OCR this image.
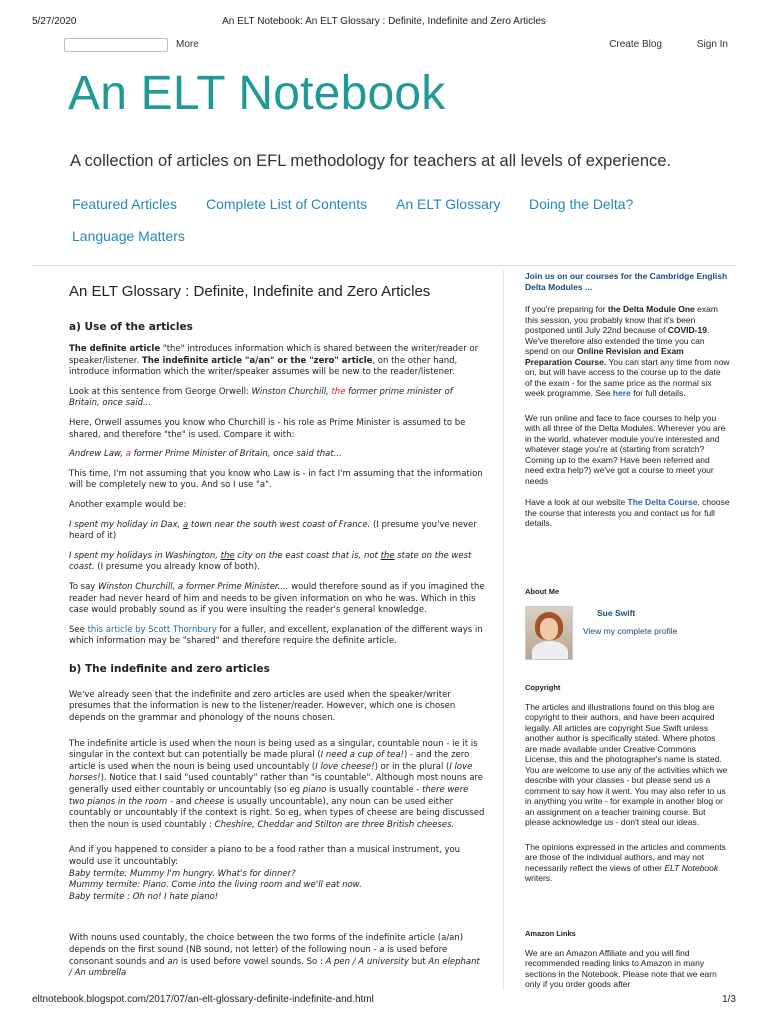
5/27/2020	An ELT Notebook: An ELT Glossary : Definite, Indefinite and Zero Articles
More	Create Blog	Sign In
An ELT Notebook
A collection of articles on EFL methodology for teachers at all levels of experience.
Featured Articles Complete List of Contents An ELT Glossary Doing the Delta?
Language Matters
An ELT Glossary : Definite, Indefinite and Zero Articles
a) Use of the articles

The definite article "the" introduces information which is shared between the writer/reader or speaker/listener. The indefinite article "a/an" or the "zero" article, on the other hand, introduce information which the writer/speaker assumes will be new to the reader/listener.

Look at this sentence from George Orwell: Winston Churchill, the former prime minister of Britain, once said...

Here, Orwell assumes you know who Churchill is - his role as Prime Minister is assumed to be shared, and therefore "the" is used. Compare it with:

Andrew Law, a former Prime Minister of Britain, once said that...

This time, I'm not assuming that you know who Law is - in fact I'm assuming that the information will be completely new to you. And so I use "a".

Another example would be:

I spent my holiday in Dax, a town near the south west coast of France. (I presume you've never heard of it)

I spent my holidays in Washington, the city on the east coast that is, not the state on the west coast. (I presume you already know of both).

To say Winston Churchill, a former Prime Minister.... would therefore sound as if you imagined the reader had never heard of him and needs to be given information on who he was. Which in this case would probably sound as if you were insulting the reader's general knowledge.

See this article by Scott Thornbury for a fuller, and excellent, explanation of the different ways in which information may be "shared" and therefore require the definite article.

b) The indefinite and zero articles

We've already seen that the indefinite and zero articles are used when the speaker/writer presumes that the information is new to the listener/reader. However, which one is chosen depends on the grammar and phonology of the nouns chosen.

The indefinite article is used when the noun is being used as a singular, countable noun - ie it is singular in the context but can potentially be made plural (I need a cup of tea!) - and the zero article is used when the noun is being used uncountably (I love cheese!) or in the plural (I love horses!). Notice that I said "used countably" rather than "is countable". Although most nouns are generally used either countably or uncountably (so eg piano is usually countable - there were two pianos in the room - and cheese is usually uncountable), any noun can be used either countably or uncountably if the context is right. So eg, when types of cheese are being discussed then the noun is used countably : Cheshire, Cheddar and Stilton are three British cheeses.

And if you happened to consider a piano to be a food rather than a musical instrument, you would use it uncountably:

Baby termite: Mummy I'm hungry. What's for dinner?
Mummy termite: Piano. Come into the living room and we'll eat now.
Baby termite : Oh no! I hate piano!

With nouns used countably, the choice between the two forms of the indefinite article (a/an) depends on the first sound (NB sound, not letter) of the following noun - a is used before consonant sounds and an is used before vowel sounds. So : A pen / A university but An elephant / An umbrella

Join us on our courses for the Cambridge English Delta Modules ...

If you're preparing for the Delta Module One exam this session, you probably know that it's been postponed until July 22nd because of COVID-19. We've therefore also extended the time you can spend on our Online Revision and Exam Preparation Course. You can start any time from now on, but will have access to the course up to the date of the exam - for the same price as the normal six week programme. See here for full details.

We run online and face to face courses to help you with all three of the Delta Modules. Wherever you are in the world, whatever module you're interested and whatever stage you're at (starting from scratch? Coming up to the exam? Have been referred and need extra help?) we've got a course to meet your needs

Have a look at our website The Delta Course, choose the course that interests you and contact us for full details.

About Me
Sue Swift
View my complete profile
Copyright

The articles and illustrations found on this blog are copyright to their authors, and have been acquired legally. All articles are copyright Sue Swift unless another author is specifically stated. Where photos are made available under Creative Commons License, this and the photographer's name is stated. You are welcome to use any of the activities which we describe with your classes - but please send us a comment to say how it went. You may also refer to us in anything you write - for example in another blog or an assignment on a teacher training course. But please acknowledge us - don't steal our ideas.

The opinions expressed in the articles and comments are those of the individual authors, and may not necessarily reflect the views of other ELT Notebook writers.

Amazon Links

We are an Amazon Affiliate and you will find recommended reading links to Amazon in many sections in the Notebook. Please note that we earn only if you order goods after

eltnotebook.blogspot.com/2017/07/an-elt-glossary-definite-indefinite-and.html	1/3
